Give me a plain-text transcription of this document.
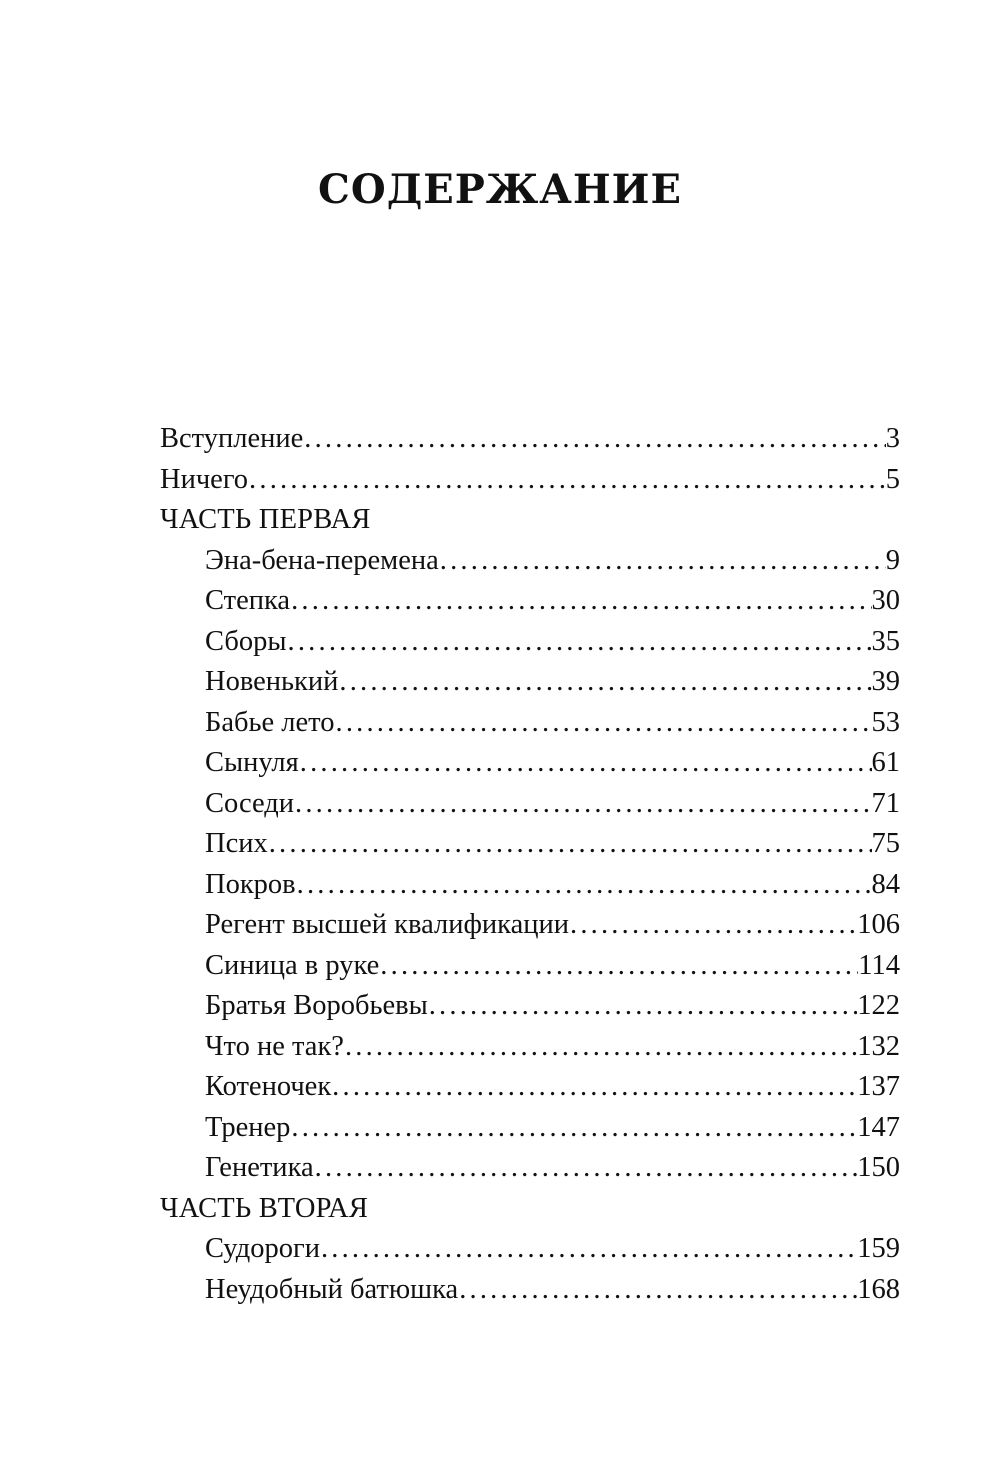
СОДЕРЖАНИЕ
Вступление .....	3
Ничего .....	5
ЧАСТЬ ПЕРВАЯ
Эна-бена-перемена .....	9
Степка .....	30
Сборы .....	35
Новенький .....	39
Бабье лето .....	53
Сынуля .....	61
Соседи .....	71
Псих .....	75
Покров .....	84
Регент высшей квалификации .....	106
Синица в руке .....	114
Братья Воробьевы .....	122
Что не так? .....	132
Котеночек .....	137
Тренер .....	147
Генетика .....	150
ЧАСТЬ ВТОРАЯ
Судороги .....	159
Неудобный батюшка .....	168
